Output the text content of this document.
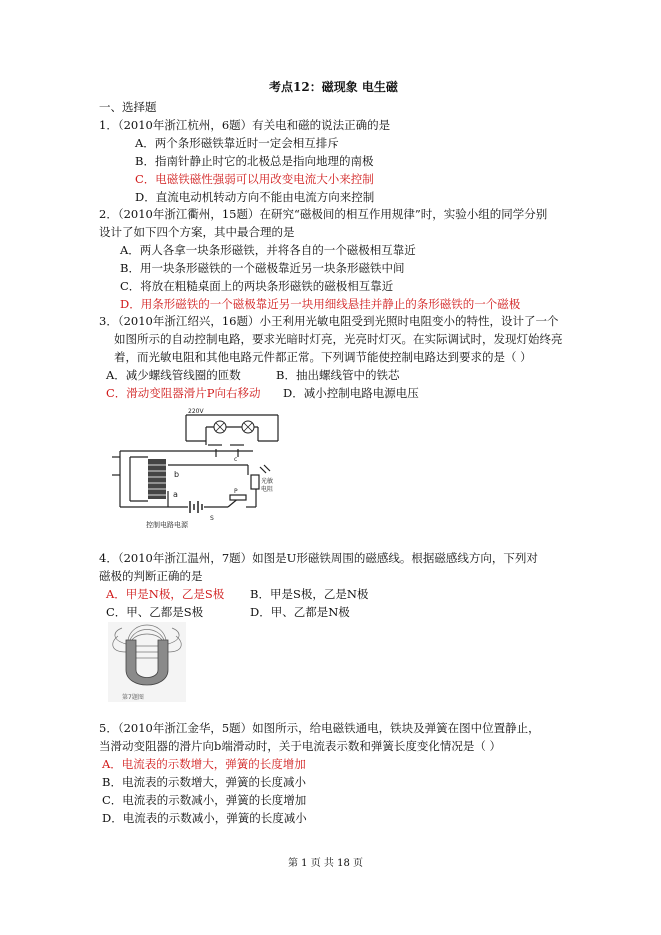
考点12：磁现象 电生磁
一、选择题
1．（2010年浙江杭州，6题）有关电和磁的说法正确的是
A．两个条形磁铁靠近时一定会相互排斥
B．指南针静止时它的北极总是指向地理的南极
C．电磁铁磁性强弱可以用改变电流大小来控制
D．直流电动机转动方向不能由电流方向来控制
2．（2010年浙江衢州，15题）在研究“磁极间的相互作用规律”时，实验小组的同学分别
设计了如下四个方案，其中最合理的是
A．两人各拿一块条形磁铁，并将各自的一个磁极相互靠近
B．用一块条形磁铁的一个磁极靠近另一块条形磁铁中间
C．将放在粗糙桌面上的两块条形磁铁的磁极相互靠近
D．用条形磁铁的一个磁极靠近另一块用细线悬挂并静止的条形磁铁的一个磁极
3．（2010年浙江绍兴，16题）小王利用光敏电阻受到光照时电阻变小的特性，设计了一个
如图所示的自动控制电路，要求光暗时灯亮，光亮时灯灭。在实际调试时，发现灯始终亮
着，而光敏电阻和其他电路元件都正常。下列调节能使控制电路达到要求的是（ ）
A．减少螺线管线圈的匝数	B．抽出螺线管中的铁芯
C．滑动变阻器滑片P向右移动 D．减小控制电路电源电压
220V
b
a
c
S
P
光敏
电阻
控制电路电源
4．（2010年浙江温州，7题）如图是U形磁铁周围的磁感线。根据磁感线方向，下列对
磁极的判断正确的是
A．甲是N极，乙是S极 B．甲是S极，乙是N极
C．甲、乙都是S极	D．甲、乙都是N极
第7题图
5．（2010年浙江金华，5题）如图所示，给电磁铁通电，铁块及弹簧在图中位置静止，
当滑动变阻器的滑片向b端滑动时，关于电流表示数和弹簧长度变化情况是（ ）
A．电流表的示数增大，弹簧的长度增加
B．电流表的示数增大，弹簧的长度减小
C．电流表的示数减小，弹簧的长度增加
D．电流表的示数减小，弹簧的长度减小
第 1 页 共 18 页
